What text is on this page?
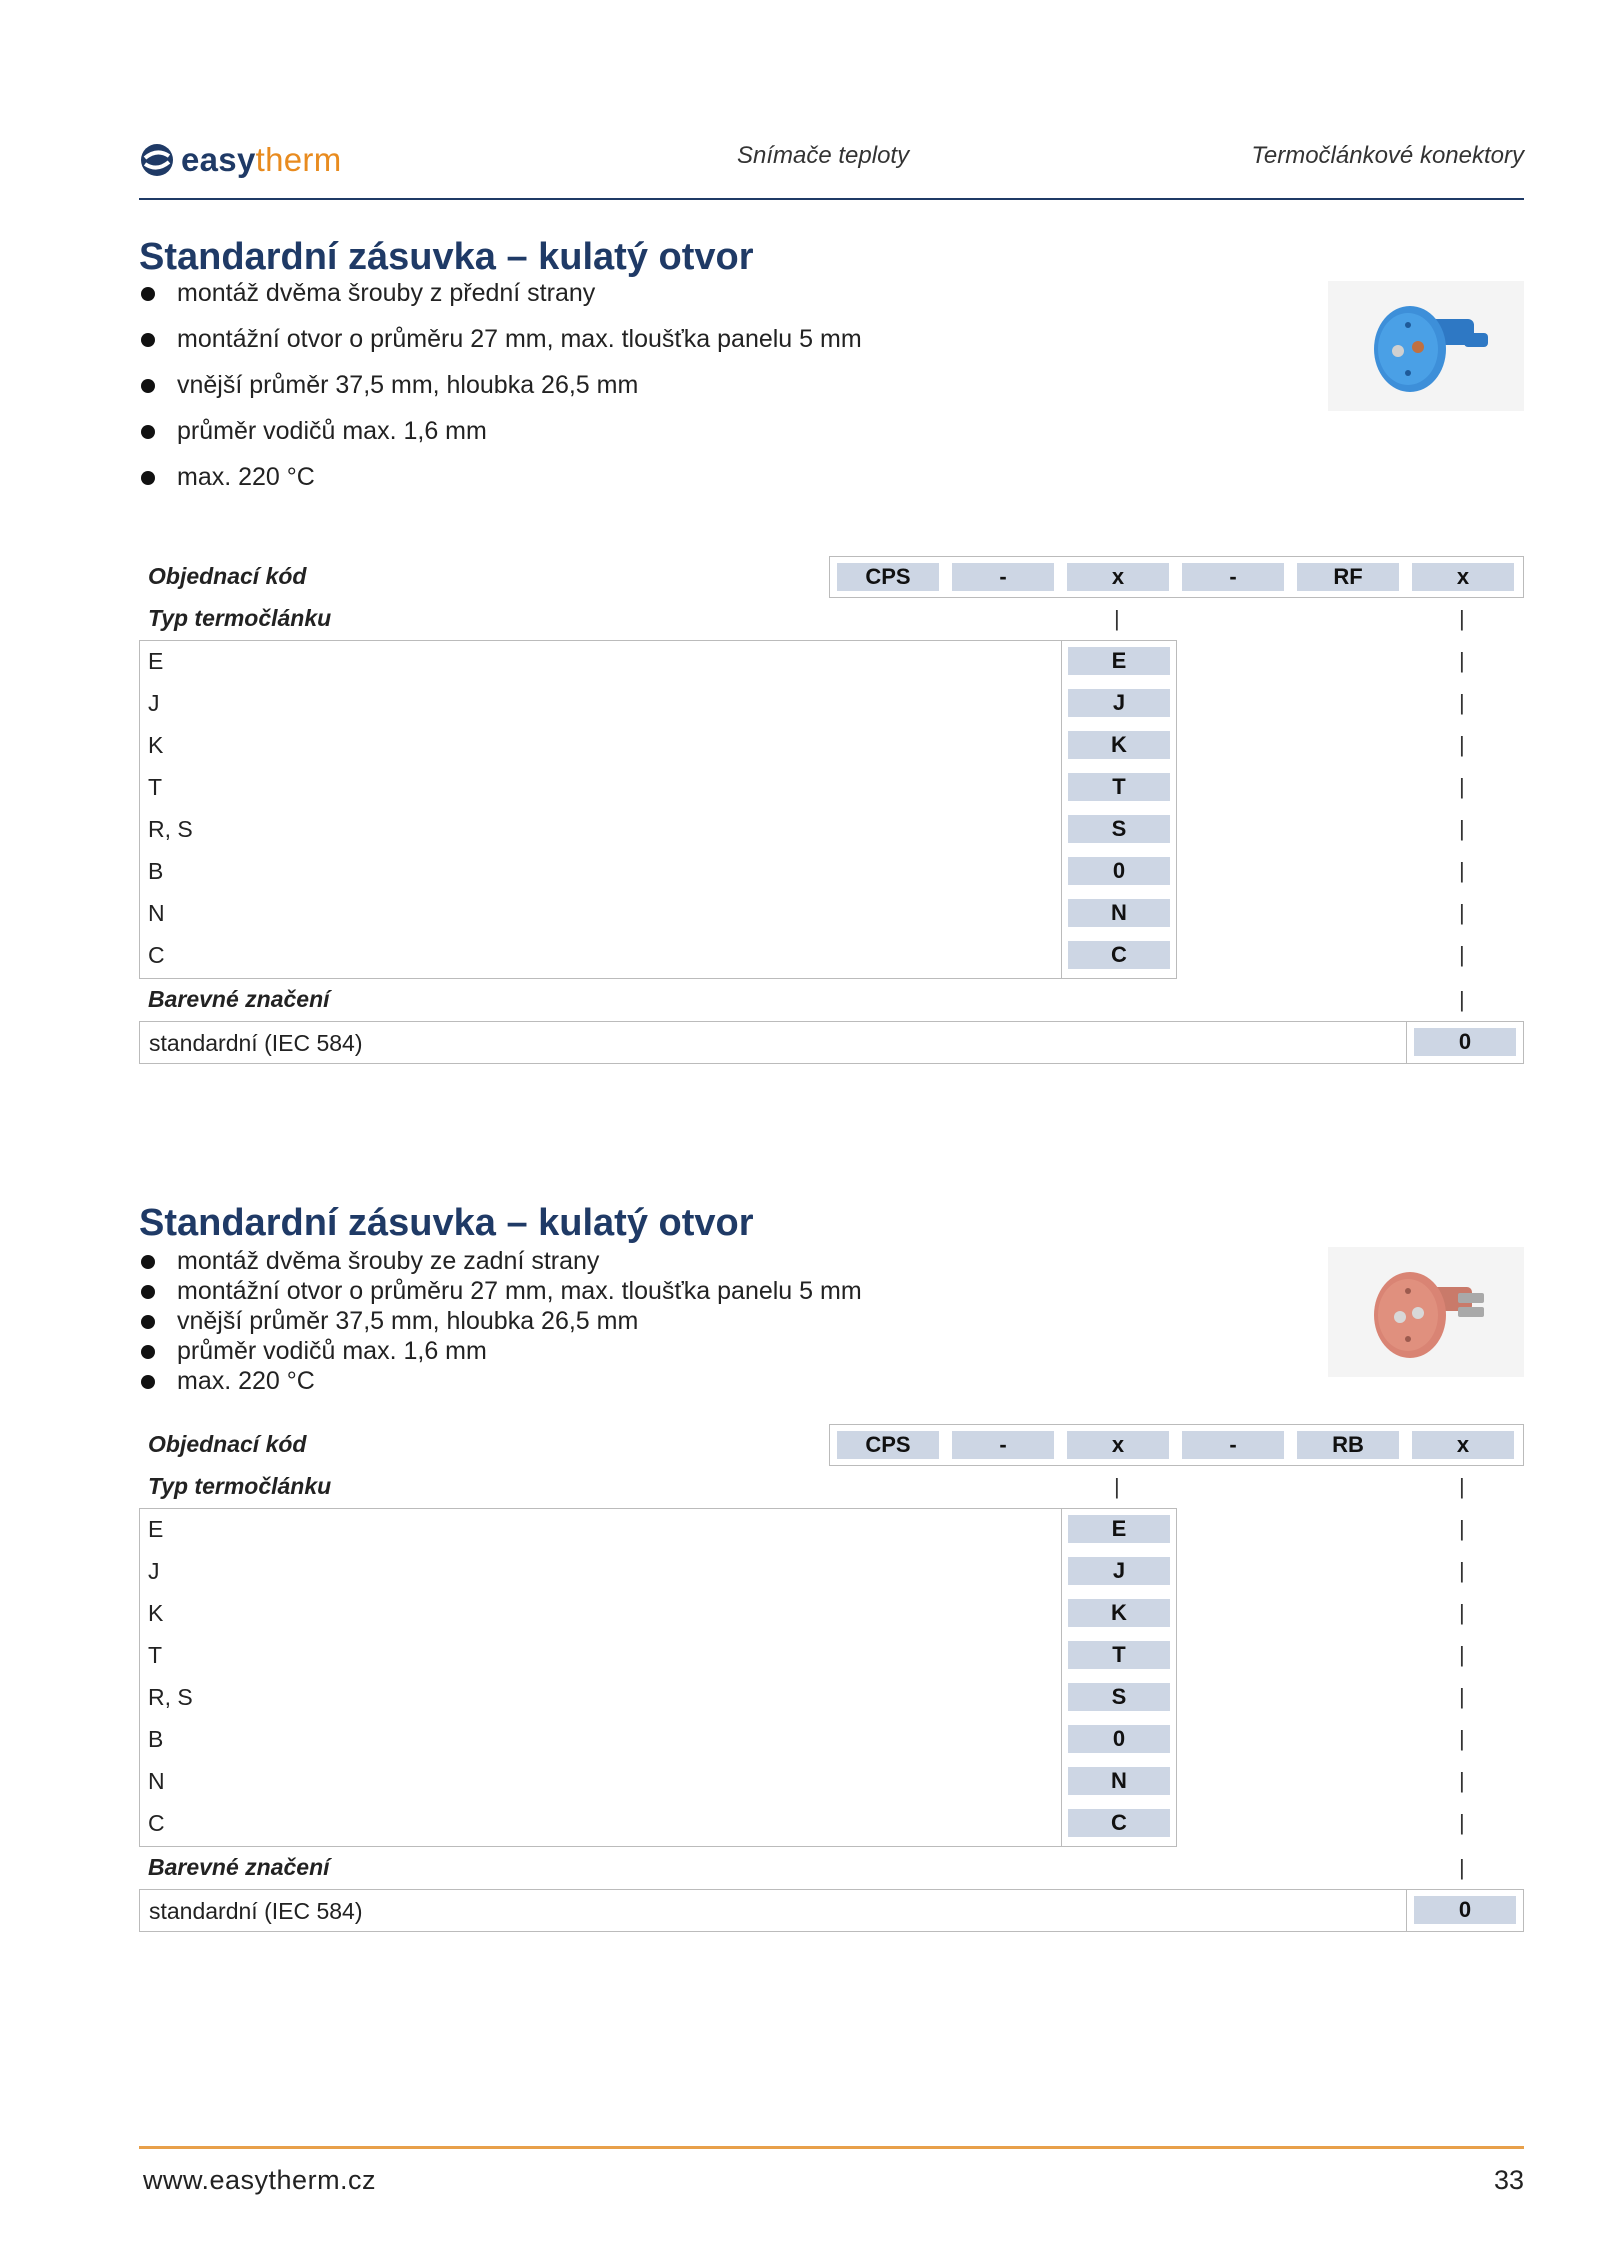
easytherm	Snímače teploty	Termočlánkové konektory
Standardní zásuvka – kulatý otvor
montáž dvěma šrouby z přední strany
montážní otvor o průměru 27 mm, max. tloušťka panelu 5 mm
vnější průměr 37,5 mm, hloubka 26,5 mm
průměr vodičů max. 1,6 mm
max. 220 °C
Objednací kód	CPS	-	x	-	RF	x
Typ termočlánku	|	|
E	E	|
J	J	|
K	K	|
T	T	|
R, S	S	|
B	0	|
N	N	|
C	C	|
Barevné značení	|
standardní (IEC 584)	0
Standardní zásuvka – kulatý otvor
montáž dvěma šrouby ze zadní strany
montážní otvor o průměru 27 mm, max. tloušťka panelu 5 mm
vnější průměr 37,5 mm, hloubka 26,5 mm
průměr vodičů max. 1,6 mm
max. 220 °C
Objednací kód	CPS	-	x	-	RB	x
Typ termočlánku	|	|
E	E	|
J	J	|
K	K	|
T	T	|
R, S	S	|
B	0	|
N	N	|
C	C	|
Barevné značení	|
standardní (IEC 584)	0
www.easytherm.cz	33
